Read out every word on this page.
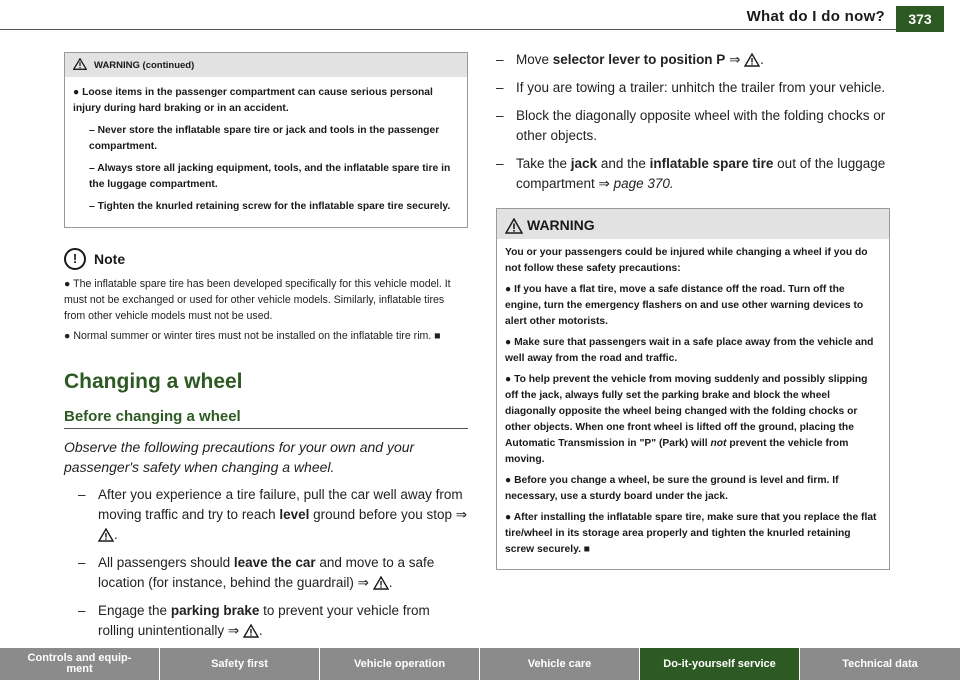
What do I do now?	373
WARNING (continued)

● Loose items in the passenger compartment can cause serious personal injury during hard braking or in an accident.

– Never store the inflatable spare tire or jack and tools in the passenger compartment.

– Always store all jacking equipment, tools, and the inflatable spare tire in the luggage compartment.

– Tighten the knurled retaining screw for the inflatable spare tire securely.

!
Note

● The inflatable spare tire has been developed specifically for this vehicle model. It must not be exchanged or used for other vehicle models. Similarly, inflatable tires from other vehicle models must not be used.

● Normal summer or winter tires must not be installed on the inflatable tire rim. ■

Changing a wheel
Before changing a wheel

Observe the following precautions for your own and your passenger's safety when changing a wheel.

– After you experience a tire failure, pull the car well away from moving traffic and try to reach level ground before you stop ⇒
.
– All passengers should leave the car and move to a safe location (for instance, behind the guardrail) ⇒
.
– Engage the parking brake to prevent your vehicle from rolling unintentionally ⇒
.
– Move selector lever to position P ⇒
.
– If you are towing a trailer: unhitch the trailer from your vehicle.
– Block the diagonally opposite wheel with the folding chocks or other objects.
– Take the jack and the inflatable spare tire out of the luggage compartment ⇒ page 370.
WARNING

You or your passengers could be injured while changing a wheel if you do not follow these safety precautions:

● If you have a flat tire, move a safe distance off the road. Turn off the engine, turn the emergency flashers on and use other warning devices to alert other motorists.

● Make sure that passengers wait in a safe place away from the vehicle and well away from the road and traffic.

● To help prevent the vehicle from moving suddenly and possibly slipping off the jack, always fully set the parking brake and block the wheel diagonally opposite the wheel being changed with the folding chocks or other objects. When one front wheel is lifted off the ground, placing the Automatic Transmission in "P" (Park) will not prevent the vehicle from moving.

● Before you change a wheel, be sure the ground is level and firm. If necessary, use a sturdy board under the jack.

● After installing the inflatable spare tire, make sure that you replace the flat tire/wheel in its storage area properly and tighten the knurled retaining screw securely. ■

Controls and equip-
ment	Safety first	Vehicle operation	Vehicle care	Do-it-yourself service	Technical data
